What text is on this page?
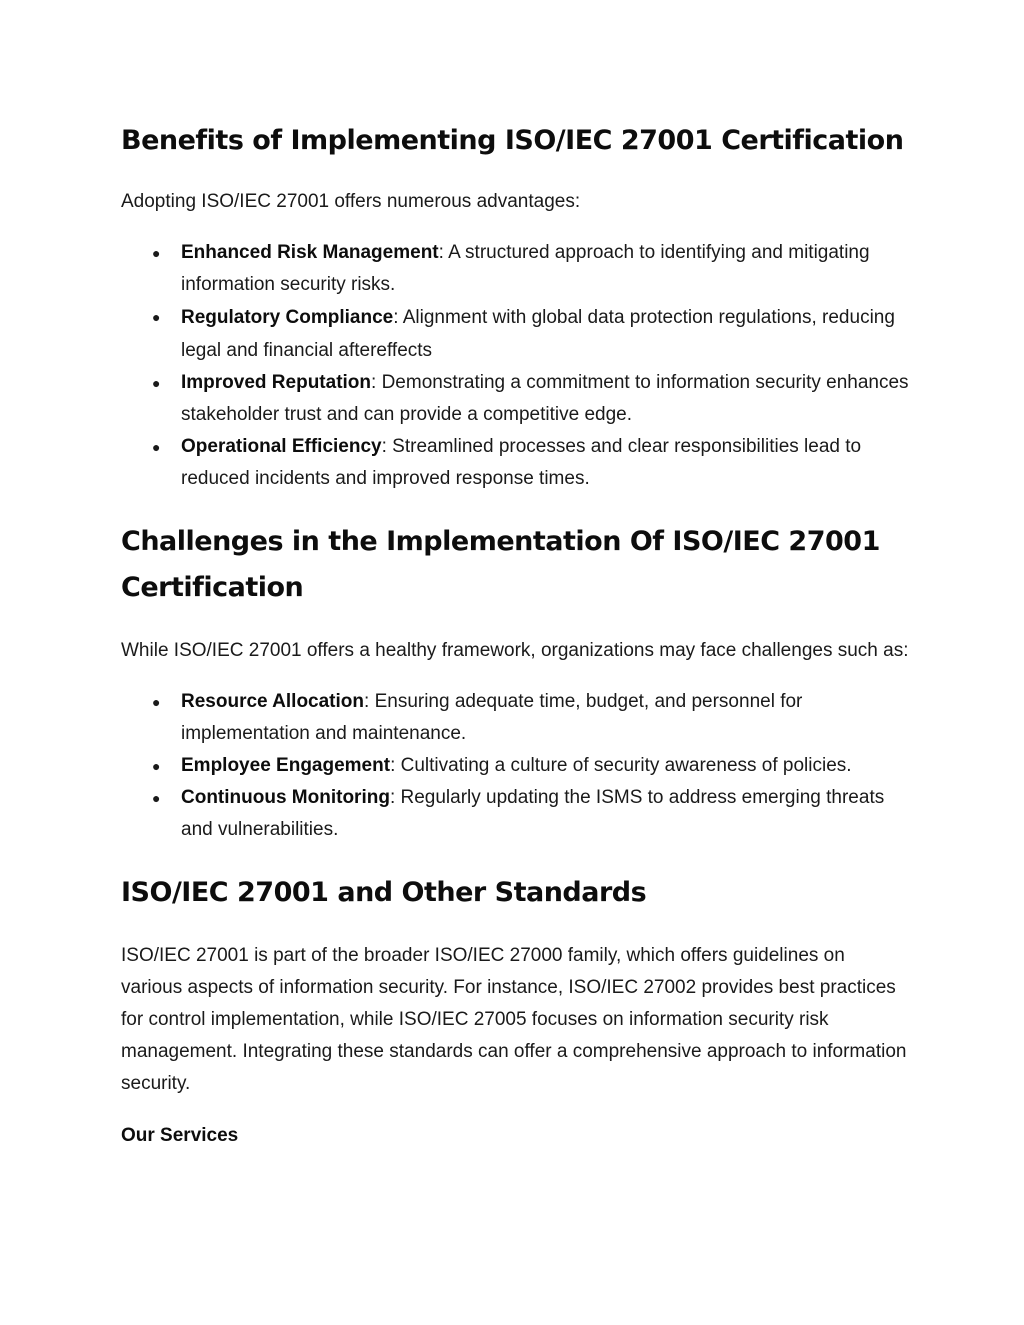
Benefits of Implementing ISO/IEC 27001 Certification

Adopting ISO/IEC 27001 offers numerous advantages:

● Enhanced Risk Management: A structured approach to identifying and mitigating information security risks.
● Regulatory Compliance: Alignment with global data protection regulations, reducing legal and financial aftereffects
● Improved Reputation: Demonstrating a commitment to information security enhances stakeholder trust and can provide a competitive edge.
● Operational Efficiency: Streamlined processes and clear responsibilities lead to reduced incidents and improved response times.
Challenges in the Implementation Of ISO/IEC 27001 Certification

While ISO/IEC 27001 offers a healthy framework, organizations may face challenges such as:

● Resource Allocation: Ensuring adequate time, budget, and personnel for implementation and maintenance.
● Employee Engagement: Cultivating a culture of security awareness of policies.
● Continuous Monitoring: Regularly updating the ISMS to address emerging threats and vulnerabilities.
ISO/IEC 27001 and Other Standards

ISO/IEC 27001 is part of the broader ISO/IEC 27000 family, which offers guidelines on various aspects of information security. For instance, ISO/IEC 27002 provides best practices for control implementation, while ISO/IEC 27005 focuses on information security risk management. Integrating these standards can offer a comprehensive approach to information security.

Our Services
